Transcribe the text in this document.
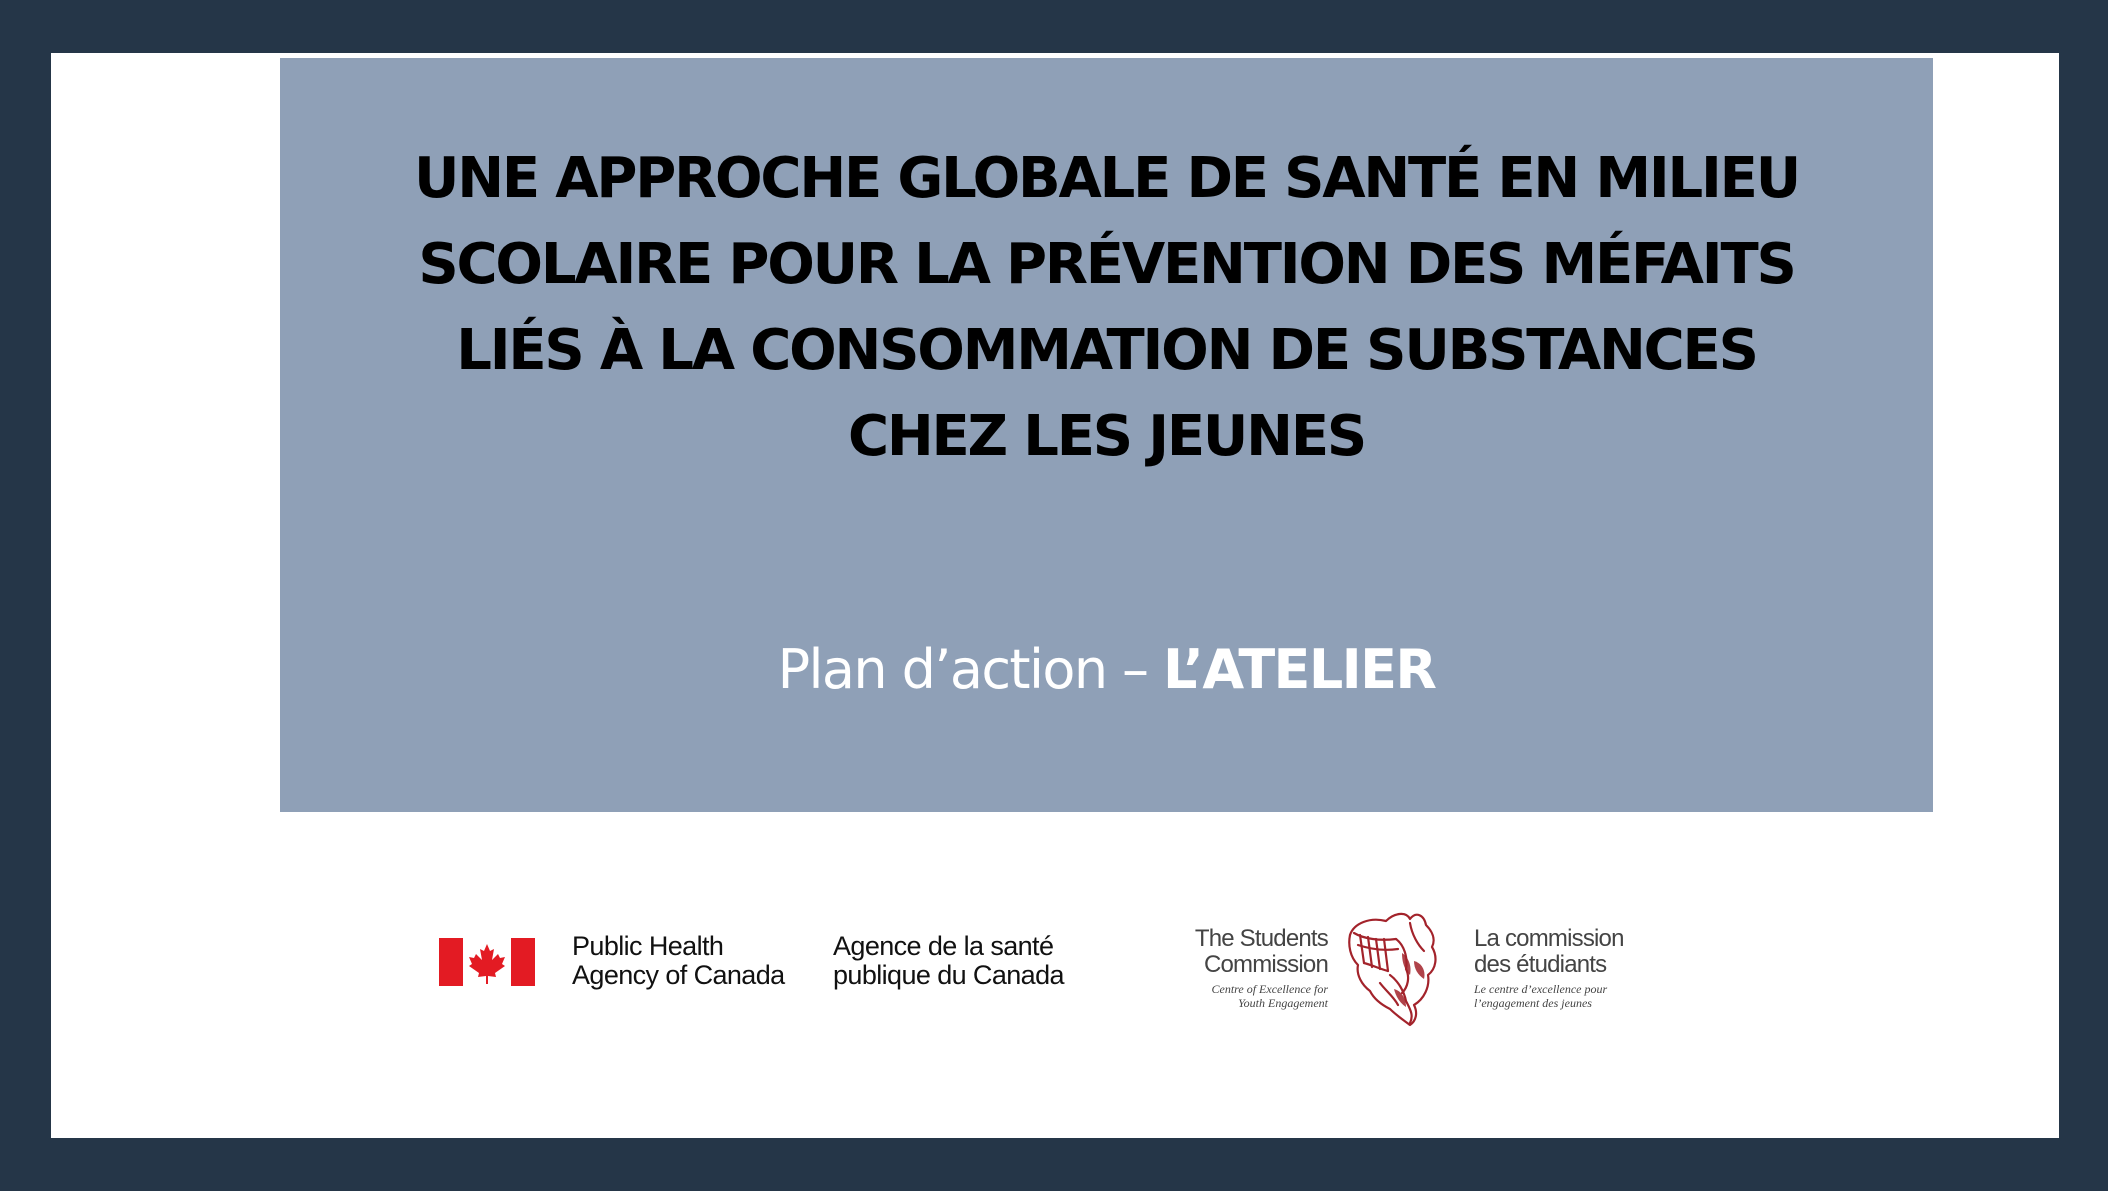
UNE APPROCHE GLOBALE DE SANTÉ EN MILIEU
SCOLAIRE POUR LA PRÉVENTION DES MÉFAITS
LIÉS À LA CONSOMMATION DE SUBSTANCES
CHEZ LES JEUNES
Plan d’action – L’ATELIER
Public Health
Agency of Canada
Agence de la santé
publique du Canada
The Students
Commission
Centre of Excellence for
Youth Engagement
La commission
des étudiants
Le centre d’excellence pour
l’engagement des jeunes
